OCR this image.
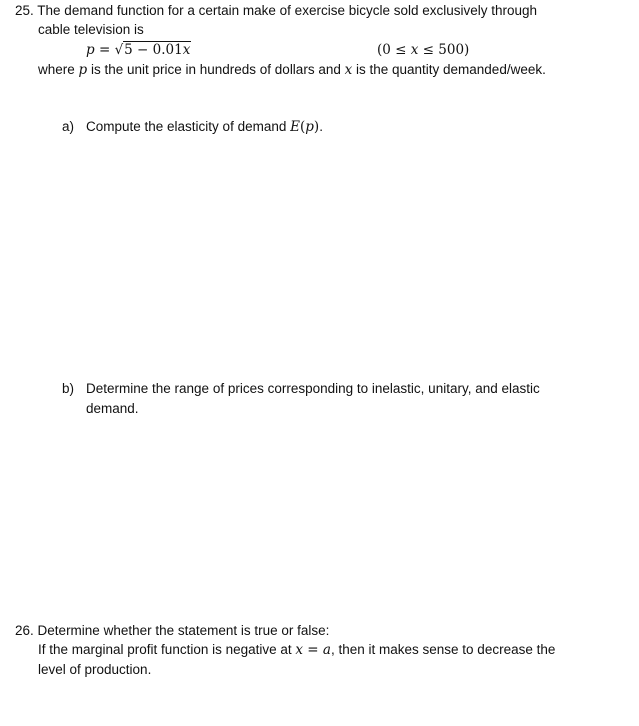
25. The demand function for a certain make of exercise bicycle sold exclusively through
cable television is
p = √5 − 0.01x	(0 ≤ x ≤ 500)
where p is the unit price in hundreds of dollars and x is the quantity demanded/week.
a) Compute the elasticity of demand E(p).
b) Determine the range of prices corresponding to inelastic, unitary, and elastic
demand.
26. Determine whether the statement is true or false:
If the marginal profit function is negative at x = a, then it makes sense to decrease the
level of production.
